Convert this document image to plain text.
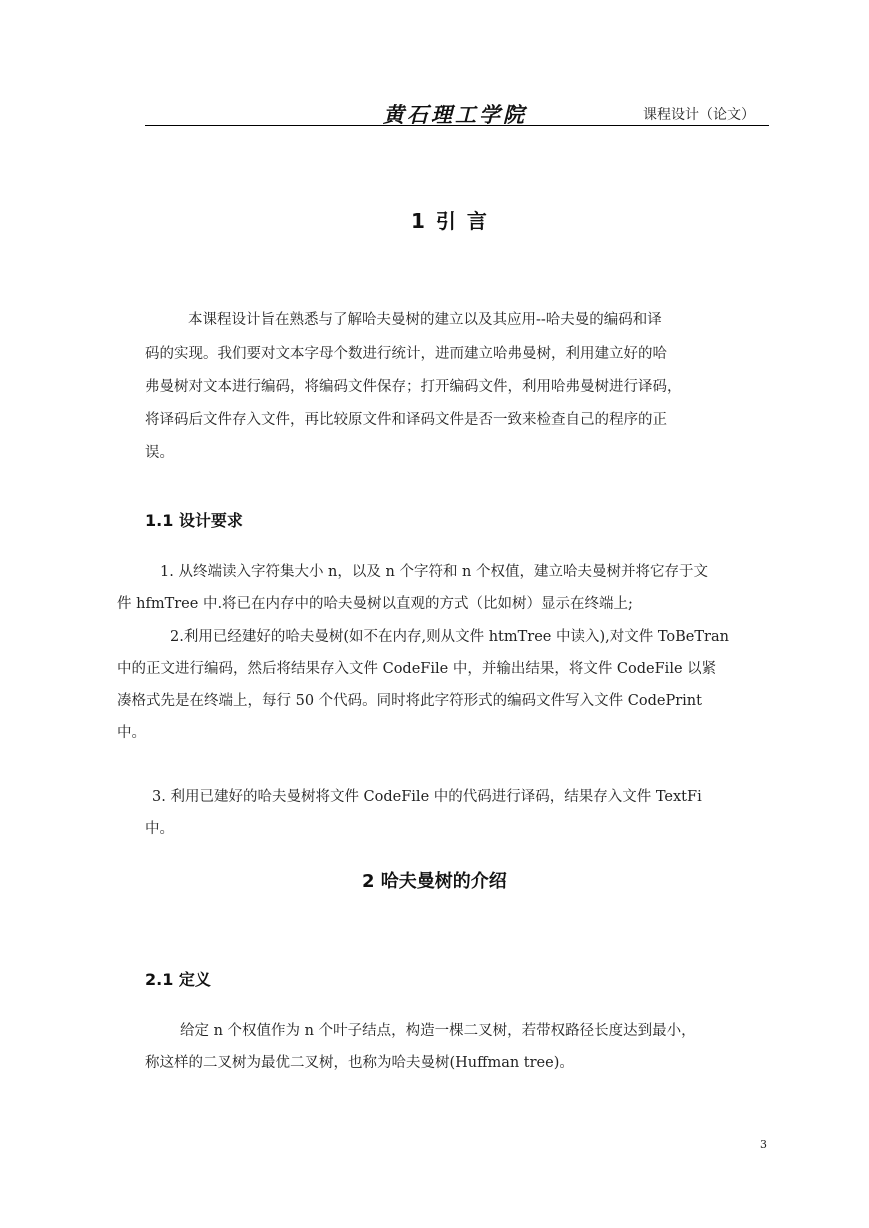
黄石理工学院	课程设计（论文）
1 引 言
本课程设计旨在熟悉与了解哈夫曼树的建立以及其应用--哈夫曼的编码和译
码的实现。我们要对文本字母个数进行统计，进而建立哈弗曼树，利用建立好的哈
弗曼树对文本进行编码，将编码文件保存；打开编码文件，利用哈弗曼树进行译码，
将译码后文件存入文件，再比较原文件和译码文件是否一致来检查自己的程序的正
误。
1.1 设计要求
1. 从终端读入字符集大小 n，以及 n 个字符和 n 个权值，建立哈夫曼树并将它存于文
件 hfmTree 中.将已在内存中的哈夫曼树以直观的方式（比如树）显示在终端上;
2.利用已经建好的哈夫曼树(如不在内存,则从文件 htmTree 中读入),对文件 ToBeTran
中的正文进行编码，然后将结果存入文件 CodeFile 中，并输出结果，将文件 CodeFile 以紧
凑格式先是在终端上，每行 50 个代码。同时将此字符形式的编码文件写入文件 CodePrint
中。
3. 利用已建好的哈夫曼树将文件 CodeFile 中的代码进行译码，结果存入文件 TextFi
中。
2 哈夫曼树的介绍
2.1 定义
给定 n 个权值作为 n 个叶子结点，构造一棵二叉树，若带权路径长度达到最小，
称这样的二叉树为最优二叉树，也称为哈夫曼树(Huffman tree)。
3
